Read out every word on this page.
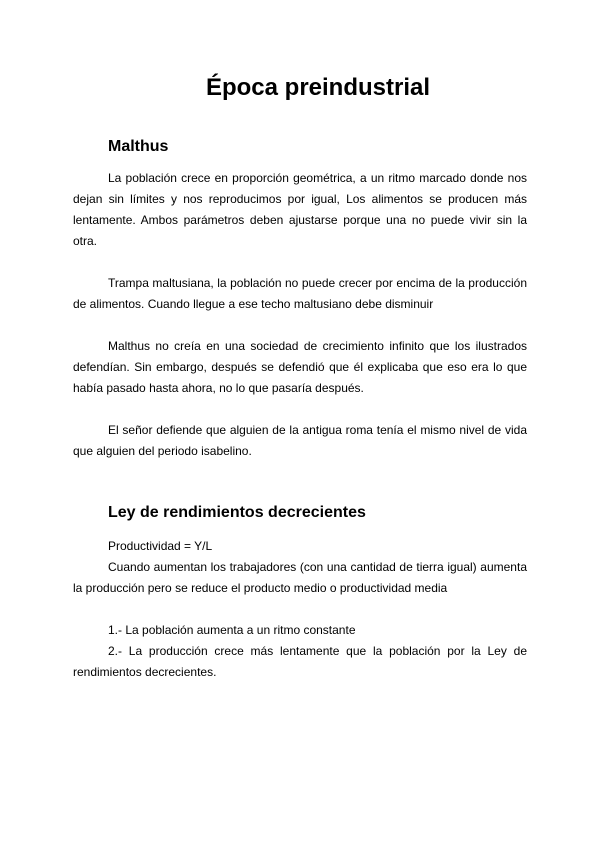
Época preindustrial
Malthus

La población crece en proporción geométrica, a un ritmo marcado donde nos dejan sin límites y nos reproducimos por igual, Los alimentos se producen más lentamente. Ambos parámetros deben ajustarse porque una no puede vivir sin la otra.

Trampa maltusiana, la población no puede crecer por encima de la producción de alimentos. Cuando llegue a ese techo maltusiano debe disminuir

Malthus no creía en una sociedad de crecimiento infinito que los ilustrados defendían. Sin embargo, después se defendió que él explicaba que eso era lo que había pasado hasta ahora, no lo que pasaría después.

El señor defiende que alguien de la antigua roma tenía el mismo nivel de vida que alguien del periodo isabelino.

Ley de rendimientos decrecientes

Productividad = Y/L

Cuando aumentan los trabajadores (con una cantidad de tierra igual) aumenta la producción pero se reduce el producto medio o productividad media

1.- La población aumenta a un ritmo constante

2.- La producción crece más lentamente que la población por la Ley de rendimientos decrecientes.
